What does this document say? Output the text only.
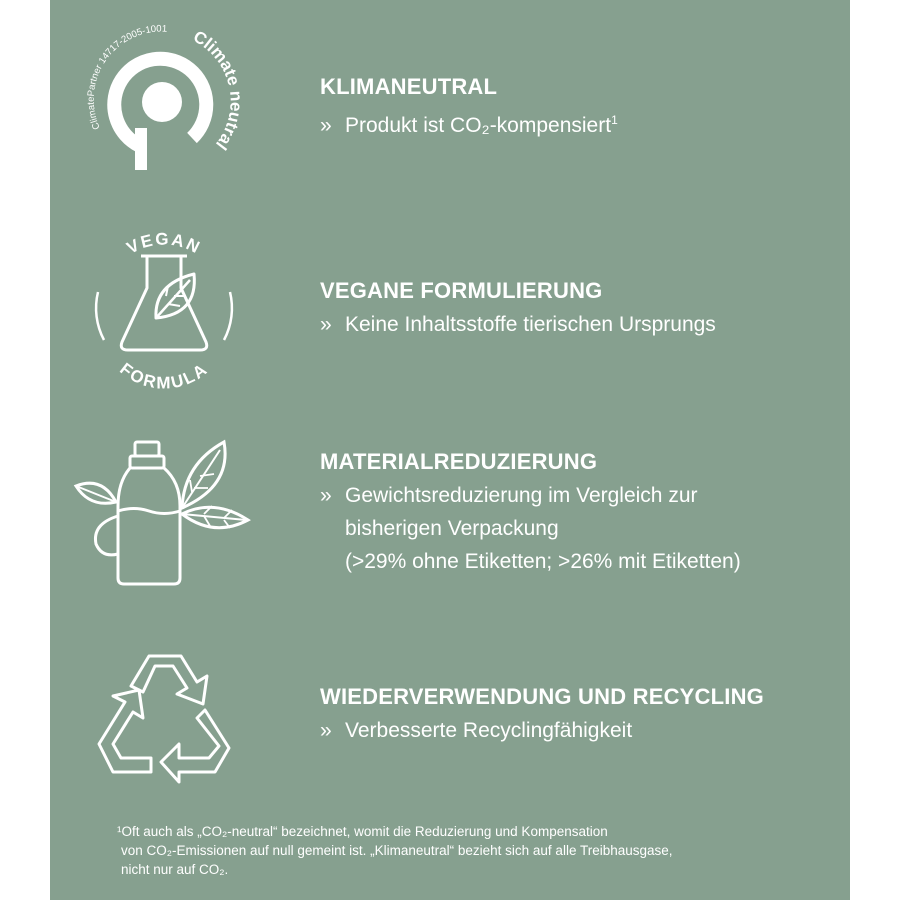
ClimatePartner 14717-2005-1001 Climate neutral
VEGAN
FORMULA
KLIMANEUTRAL
» Produkt ist CO₂-kompensiert$^1$
VEGANE FORMULIERUNG
» Keine Inhaltsstoffe tierischen Ursprungs
MATERIALREDUZIERUNG
» Gewichtsreduzierung im Vergleich zur
bisherigen Verpackung
(>29% ohne Etiketten; >26% mit Etiketten)
WIEDERVERWENDUNG UND RECYCLING
» Verbesserte Recyclingfähigkeit
¹Oft auch als „CO₂-neutral“ bezeichnet, womit die Reduzierung und Kompensation
von CO₂-Emissionen auf null gemeint ist. „Klimaneutral“ bezieht sich auf alle Treibhausgase,
nicht nur auf CO₂.
